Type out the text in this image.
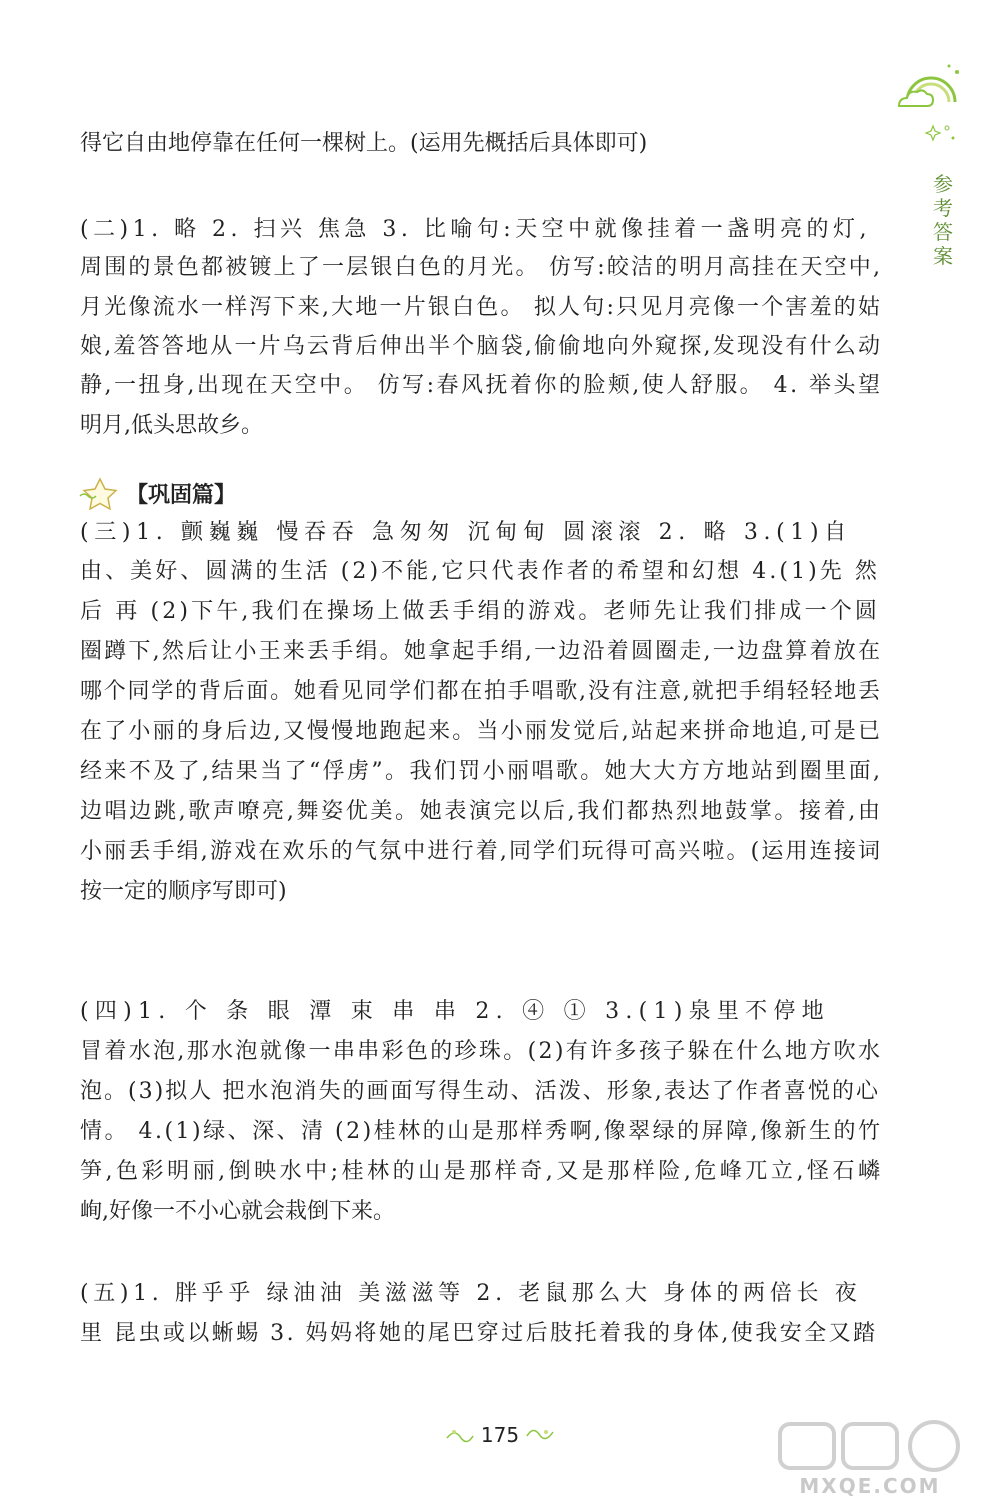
参
考
答
案
得它自由地停靠在任何一棵树上。(运用先概括后具体即可)
(二)1. 略 2. 扫兴 焦急 3. 比喻句:天空中就像挂着一盏明亮的灯,
周围的景色都被镀上了一层银白色的月光。 仿写:皎洁的明月高挂在天空中,
月光像流水一样泻下来,大地一片银白色。 拟人句:只见月亮像一个害羞的姑
娘,羞答答地从一片乌云背后伸出半个脑袋,偷偷地向外窥探,发现没有什么动
静,一扭身,出现在天空中。 仿写:春风抚着你的脸颊,使人舒服。 4. 举头望
明月,低头思故乡。
(三)1. 颤巍巍 慢吞吞 急匆匆 沉甸甸 圆滚滚 2. 略 3.(1)自
由、美好、圆满的生活 (2)不能,它只代表作者的希望和幻想 4.(1)先 然
后 再 (2)下午,我们在操场上做丢手绢的游戏。老师先让我们排成一个圆
圈蹲下,然后让小王来丢手绢。她拿起手绢,一边沿着圆圈走,一边盘算着放在
哪个同学的背后面。她看见同学们都在拍手唱歌,没有注意,就把手绢轻轻地丢
在了小丽的身后边,又慢慢地跑起来。当小丽发觉后,站起来拼命地追,可是已
经来不及了,结果当了“俘虏”。我们罚小丽唱歌。她大大方方地站到圈里面,
边唱边跳,歌声嘹亮,舞姿优美。她表演完以后,我们都热烈地鼓掌。接着,由
小丽丢手绢,游戏在欢乐的气氛中进行着,同学们玩得可高兴啦。(运用连接词
按一定的顺序写即可)
(四)1. 个 条 眼 潭 束 串 串 2. ④ ① 3.(1)泉里不停地
冒着水泡,那水泡就像一串串彩色的珍珠。(2)有许多孩子躲在什么地方吹水
泡。(3)拟人 把水泡消失的画面写得生动、活泼、形象,表达了作者喜悦的心
情。 4.(1)绿、深、清 (2)桂林的山是那样秀啊,像翠绿的屏障,像新生的竹
笋,色彩明丽,倒映水中;桂林的山是那样奇,又是那样险,危峰兀立,怪石嶙
峋,好像一不小心就会栽倒下来。
(五)1. 胖乎乎 绿油油 美滋滋等 2. 老鼠那么大 身体的两倍长 夜
里 昆虫或以蜥蜴 3. 妈妈将她的尾巴穿过后肢托着我的身体,使我安全又踏
【巩固篇】
175
MXQE.COM
